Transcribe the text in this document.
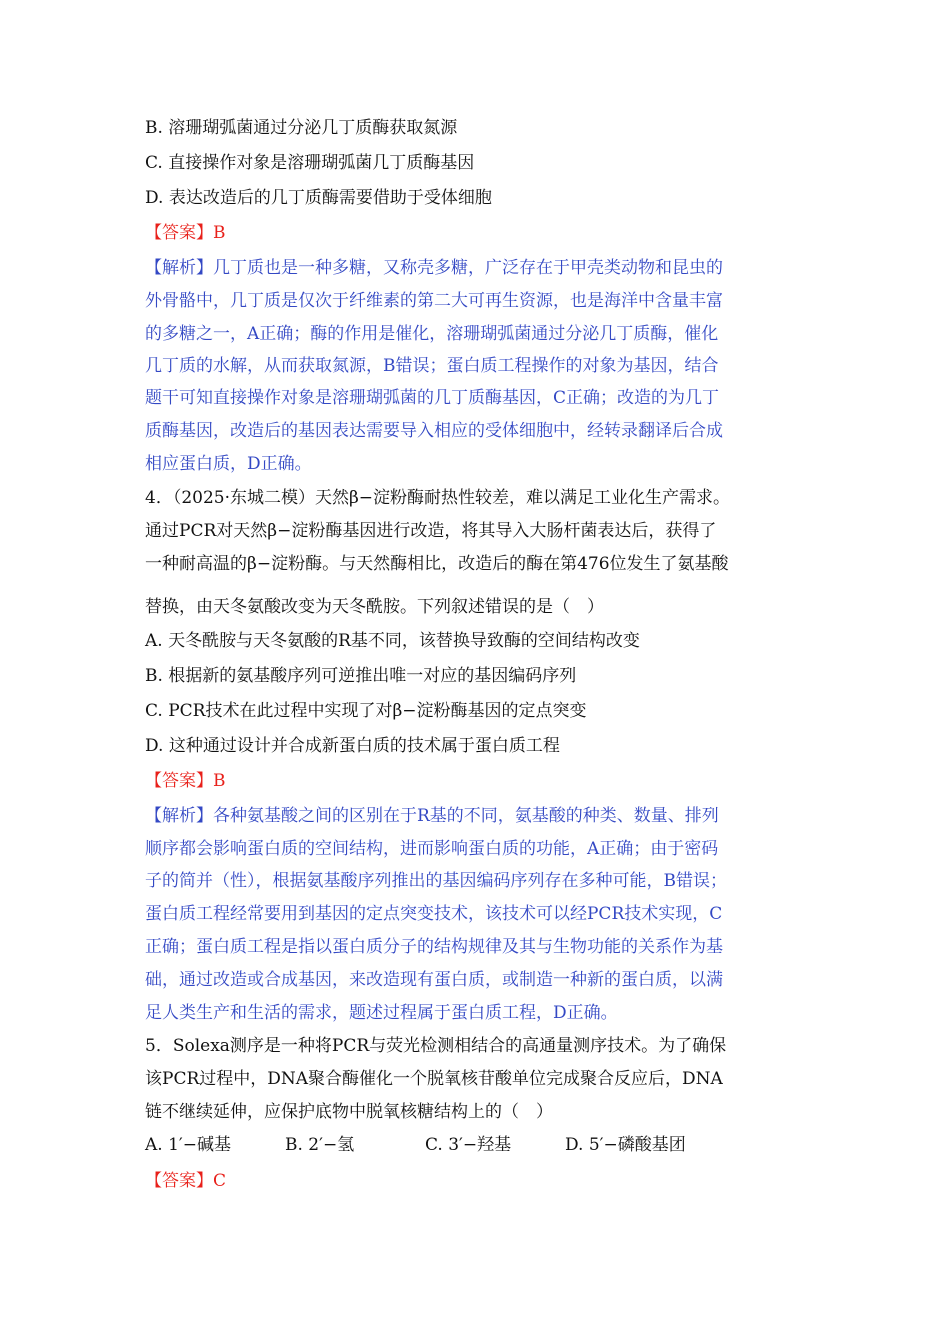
B. 溶珊瑚弧菌通过分泌几丁质酶获取氮源
C. 直接操作对象是溶珊瑚弧菌几丁质酶基因
D. 表达改造后的几丁质酶需要借助于受体细胞
【答案】B
【解析】几丁质也是一种多糖，又称壳多糖，广泛存在于甲壳类动物和昆虫的
外骨骼中，几丁质是仅次于纤维素的第二大可再生资源，也是海洋中含量丰富
的多糖之一，A正确；酶的作用是催化，溶珊瑚弧菌通过分泌几丁质酶，催化
几丁质的水解，从而获取氮源，B错误；蛋白质工程操作的对象为基因，结合
题干可知直接操作对象是溶珊瑚弧菌的几丁质酶基因，C正确；改造的为几丁
质酶基因，改造后的基因表达需要导入相应的受体细胞中，经转录翻译后合成
相应蛋白质，D正确。
4．（2025·东城二模）天然β−淀粉酶耐热性较差，难以满足工业化生产需求。
通过PCR对天然β−淀粉酶基因进行改造，将其导入大肠杆菌表达后，获得了
一种耐高温的β−淀粉酶。与天然酶相比，改造后的酶在第476位发生了氨基酸
替换，由天冬氨酸改变为天冬酰胺。下列叙述错误的是（　）
A. 天冬酰胺与天冬氨酸的R基不同，该替换导致酶的空间结构改变
B. 根据新的氨基酸序列可逆推出唯一对应的基因编码序列
C. PCR技术在此过程中实现了对β−淀粉酶基因的定点突变
D. 这种通过设计并合成新蛋白质的技术属于蛋白质工程
【答案】B
【解析】各种氨基酸之间的区别在于R基的不同，氨基酸的种类、数量、排列
顺序都会影响蛋白质的空间结构，进而影响蛋白质的功能，A正确；由于密码
子的简并（性），根据氨基酸序列推出的基因编码序列存在多种可能，B错误；
蛋白质工程经常要用到基因的定点突变技术，该技术可以经PCR技术实现，C
正确；蛋白质工程是指以蛋白质分子的结构规律及其与生物功能的关系作为基
础，通过改造或合成基因，来改造现有蛋白质，或制造一种新的蛋白质，以满
足人类生产和生活的需求，题述过程属于蛋白质工程，D正确。
5．Solexa测序是一种将PCR与荧光检测相结合的高通量测序技术。为了确保
该PCR过程中，DNA聚合酶催化一个脱氧核苷酸单位完成聚合反应后，DNA
链不继续延伸，应保护底物中脱氧核糖结构上的（　）
A. 1′−碱基	B. 2′−氢	C. 3′−羟基	D. 5′−磷酸基团
【答案】C
